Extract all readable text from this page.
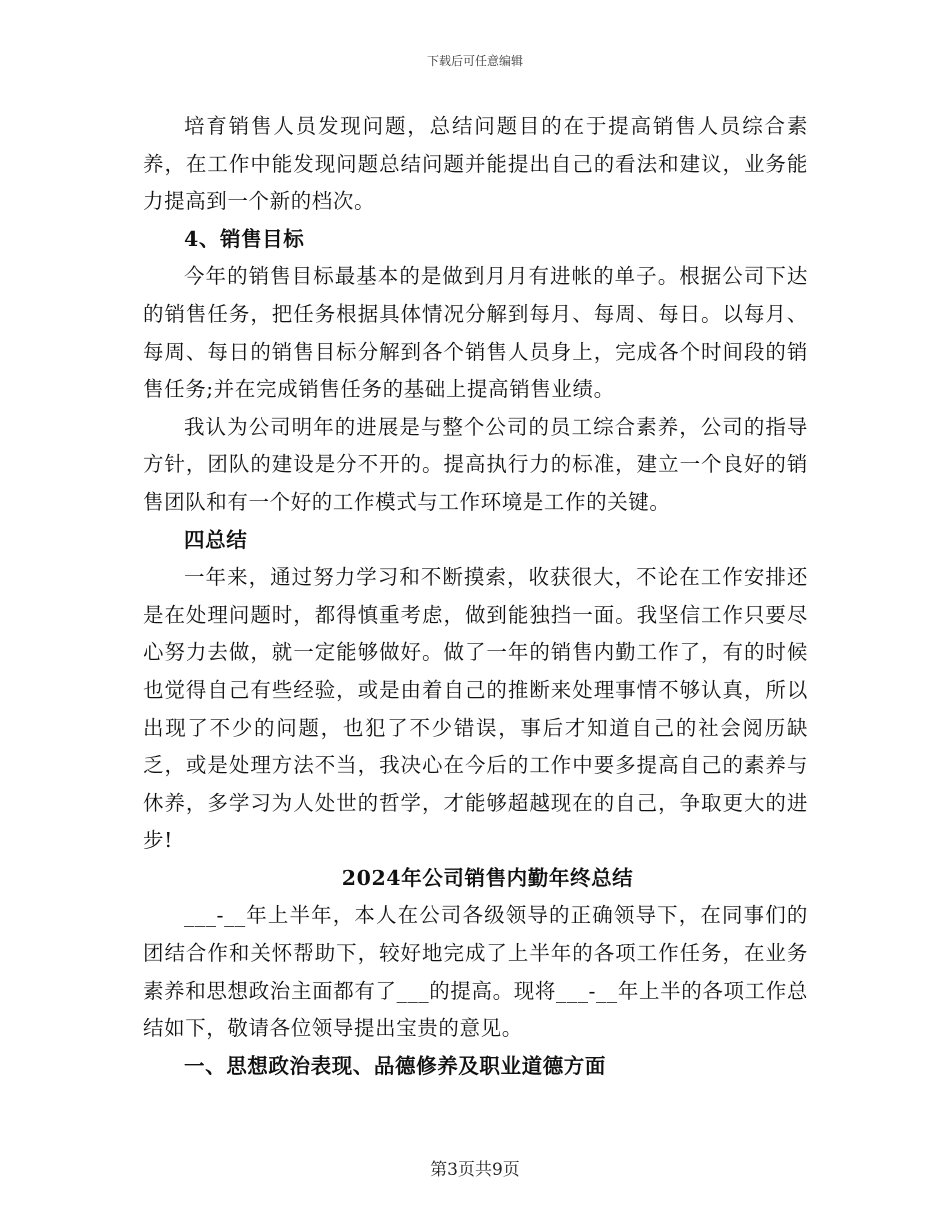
下载后可任意编辑

培育销售人员发现问题，总结问题目的在于提高销售人员综合素养，在工作中能发现问题总结问题并能提出自己的看法和建议，业务能力提高到一个新的档次。

4、销售目标

今年的销售目标最基本的是做到月月有进帐的单子。根据公司下达的销售任务，把任务根据具体情况分解到每月、每周、每日。以每月、每周、每日的销售目标分解到各个销售人员身上，完成各个时间段的销售任务;并在完成销售任务的基础上提高销售业绩。

我认为公司明年的进展是与整个公司的员工综合素养，公司的指导方针，团队的建设是分不开的。提高执行力的标准，建立一个良好的销售团队和有一个好的工作模式与工作环境是工作的关键。

四总结

一年来，通过努力学习和不断摸索，收获很大，不论在工作安排还是在处理问题时，都得慎重考虑，做到能独挡一面。我坚信工作只要尽心努力去做，就一定能够做好。做了一年的销售内勤工作了，有的时候也觉得自己有些经验，或是由着自己的推断来处理事情不够认真，所以出现了不少的问题，也犯了不少错误，事后才知道自己的社会阅历缺乏，或是处理方法不当，我决心在今后的工作中要多提高自己的素养与休养，多学习为人处世的哲学，才能够超越现在的自己，争取更大的进步!

2024年公司销售内勤年终总结

___-__年上半年，本人在公司各级领导的正确领导下，在同事们的团结合作和关怀帮助下，较好地完成了上半年的各项工作任务，在业务素养和思想政治主面都有了___的提高。现将___-__年上半的各项工作总结如下，敬请各位领导提出宝贵的意见。

一、思想政治表现、品德修养及职业道德方面

第3页共9页
